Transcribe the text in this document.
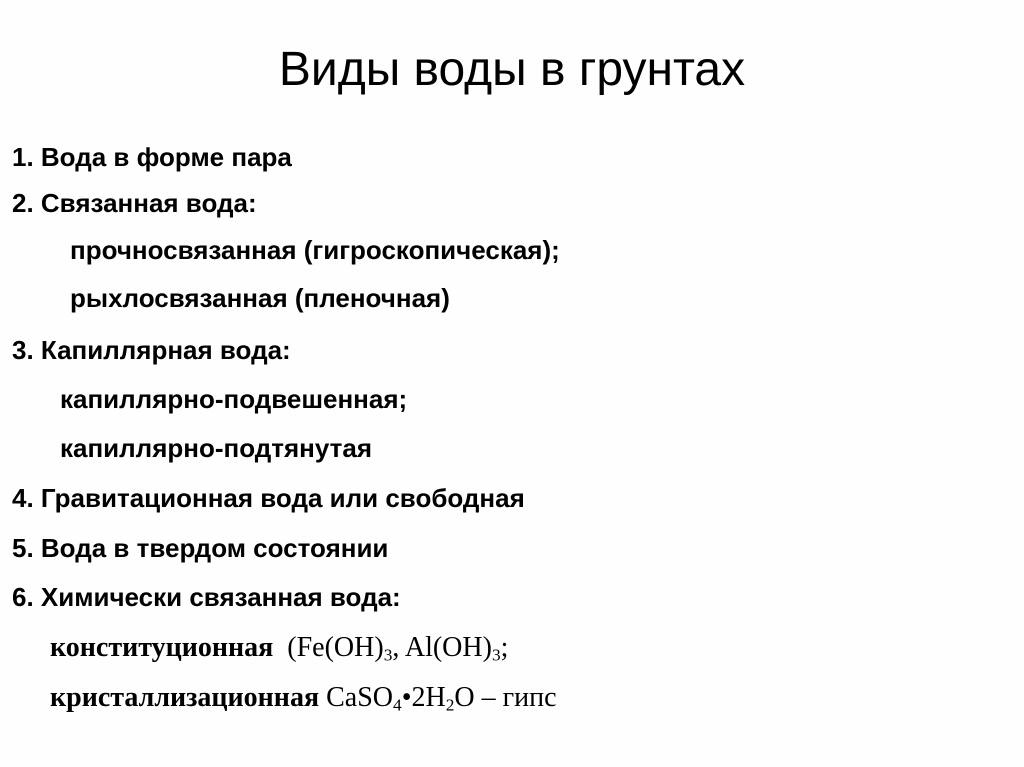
Виды воды в грунтах
1. Вода в форме пара
2. Связанная вода:
прочносвязанная (гигроскопическая);
рыхлосвязанная (пленочная)
3. Капиллярная вода:
капиллярно-подвешенная;
капиллярно-подтянутая
4. Гравитационная вода или свободная
5. Вода в твердом состоянии
6. Химически связанная вода:
конституционная ($Fe(OH)_3$, $Al(OH)_3$;
кристаллизационная $CaSO_4•2H_2O$ – гипс
